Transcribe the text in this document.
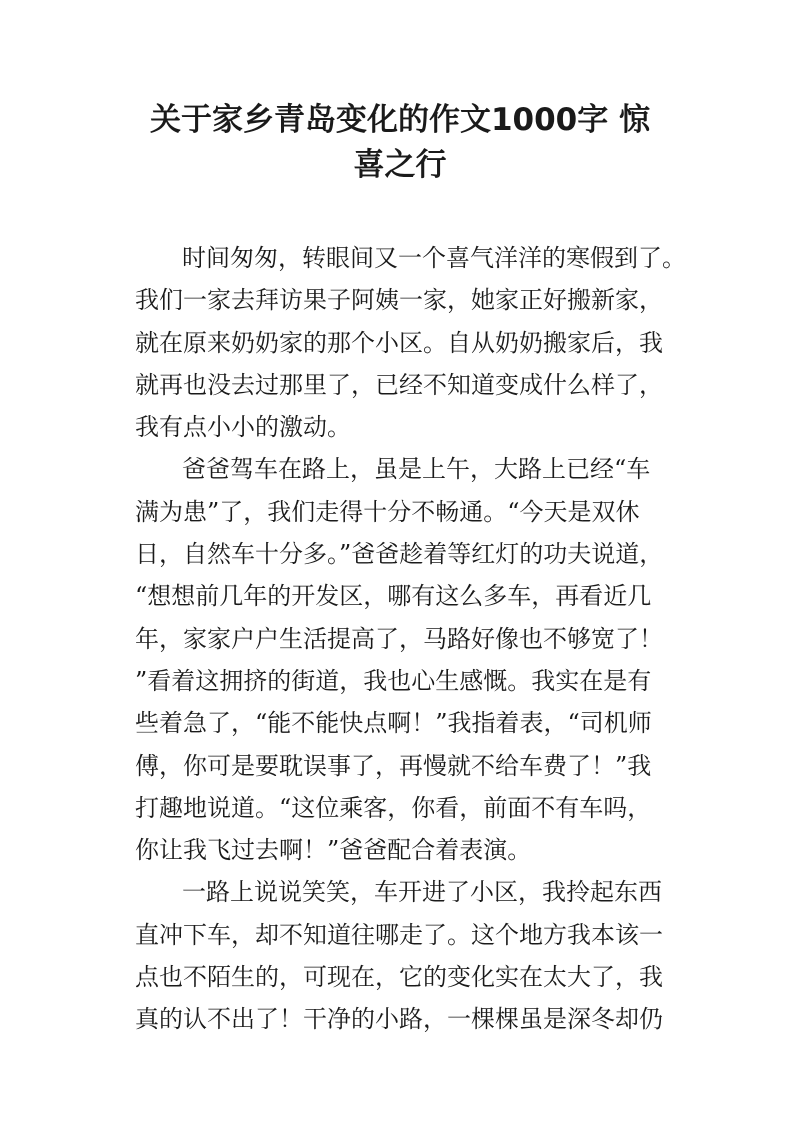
关于家乡青岛变化的作文1000字 惊
喜之行
时间匆匆，转眼间又一个喜气洋洋的寒假到了。
我们一家去拜访果子阿姨一家，她家正好搬新家，
就在原来奶奶家的那个小区。自从奶奶搬家后，我
就再也没去过那里了，已经不知道变成什么样了，
我有点小小的激动。
爸爸驾车在路上，虽是上午，大路上已经“车
满为患”了，我们走得十分不畅通。“今天是双休
日，自然车十分多。”爸爸趁着等红灯的功夫说道，
“想想前几年的开发区，哪有这么多车，再看近几
年，家家户户生活提高了，马路好像也不够宽了！
”看着这拥挤的街道，我也心生感慨。我实在是有
些着急了，“能不能快点啊！”我指着表，“司机师
傅，你可是要耽误事了，再慢就不给车费了！”我
打趣地说道。“这位乘客，你看，前面不有车吗，
你让我飞过去啊！”爸爸配合着表演。
一路上说说笑笑，车开进了小区，我拎起东西
直冲下车，却不知道往哪走了。这个地方我本该一
点也不陌生的，可现在，它的变化实在太大了，我
真的认不出了！干净的小路，一棵棵虽是深冬却仍
